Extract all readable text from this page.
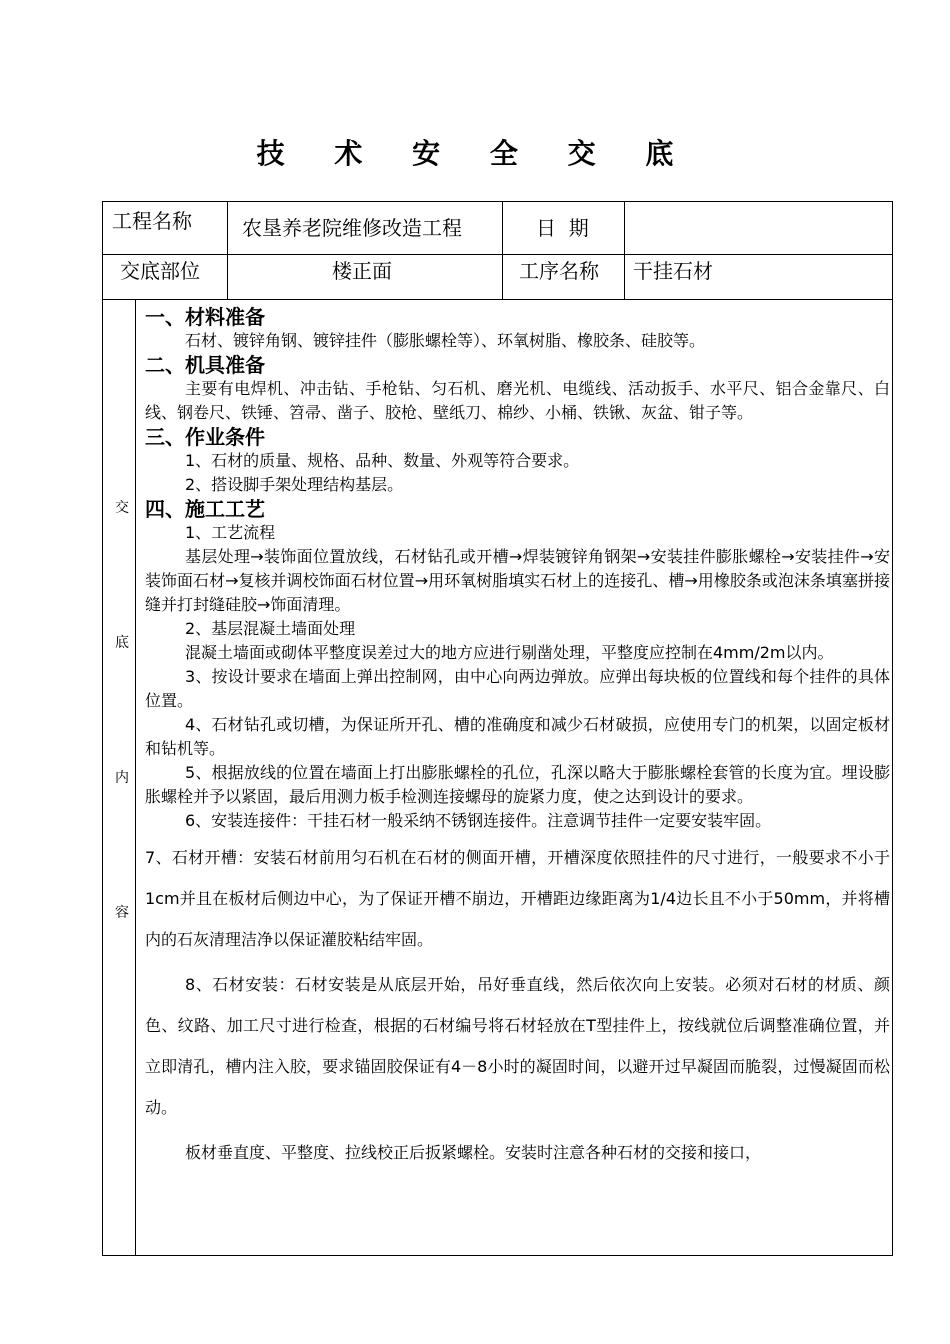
技 术 安 全 交 底
工程名称	农垦养老院维修改造工程	日  期
交底部位	楼正面	工序名称 干挂石材
交
底
内
容

一、材料准备

石材、镀锌角钢、镀锌挂件（膨胀螺栓等）、环氧树脂、橡胶条、硅胶等。

二、机具准备

主要有电焊机、冲击钻、手枪钻、匀石机、磨光机、电缆线、活动扳手、水平尺、铝合金靠尺、白线、钢卷尺、铁锤、笤帚、凿子、胶枪、壁纸刀、棉纱、小桶、铁锹、灰盆、钳子等。

三、作业条件

1、石材的质量、规格、品种、数量、外观等符合要求。

2、搭设脚手架处理结构基层。

四、施工工艺

1、工艺流程

基层处理→装饰面位置放线，石材钻孔或开槽→焊装镀锌角钢架→安装挂件膨胀螺栓→安装挂件→安装饰面石材→复核并调校饰面石材位置→用环氧树脂填实石材上的连接孔、槽→用橡胶条或泡沫条填塞拼接缝并打封缝硅胶→饰面清理。

2、基层混凝土墙面处理

混凝土墙面或砌体平整度误差过大的地方应进行剔凿处理，平整度应控制在4mm/2m以内。

3、按设计要求在墙面上弹出控制网，由中心向两边弹放。应弹出每块板的位置线和每个挂件的具体位置。

4、石材钻孔或切槽，为保证所开孔、槽的准确度和减少石材破损，应使用专门的机架，以固定板材和钻机等。

5、根据放线的位置在墙面上打出膨胀螺栓的孔位，孔深以略大于膨胀螺栓套管的长度为宜。埋设膨胀螺栓并予以紧固，最后用测力板手检测连接螺母的旋紧力度，使之达到设计的要求。

6、安装连接件：干挂石材一般采纳不锈钢连接件。注意调节挂件一定要安装牢固。

7、石材开槽：安装石材前用匀石机在石材的侧面开槽，开槽深度依照挂件的尺寸进行，一般要求不小于1cm并且在板材后侧边中心，为了保证开槽不崩边，开槽距边缘距离为1/4边长且不小于50mm，并将槽内的石灰清理洁净以保证灌胶粘结牢固。

8、石材安装：石材安装是从底层开始，吊好垂直线，然后依次向上安装。必须对石材的材质、颜色、纹路、加工尺寸进行检查，根据的石材编号将石材轻放在T型挂件上，按线就位后调整准确位置，并立即清孔，槽内注入胶，要求锚固胶保证有4－8小时的凝固时间，以避开过早凝固而脆裂，过慢凝固而松动。

板材垂直度、平整度、拉线校正后扳紧螺栓。安装时注意各种石材的交接和接口，
